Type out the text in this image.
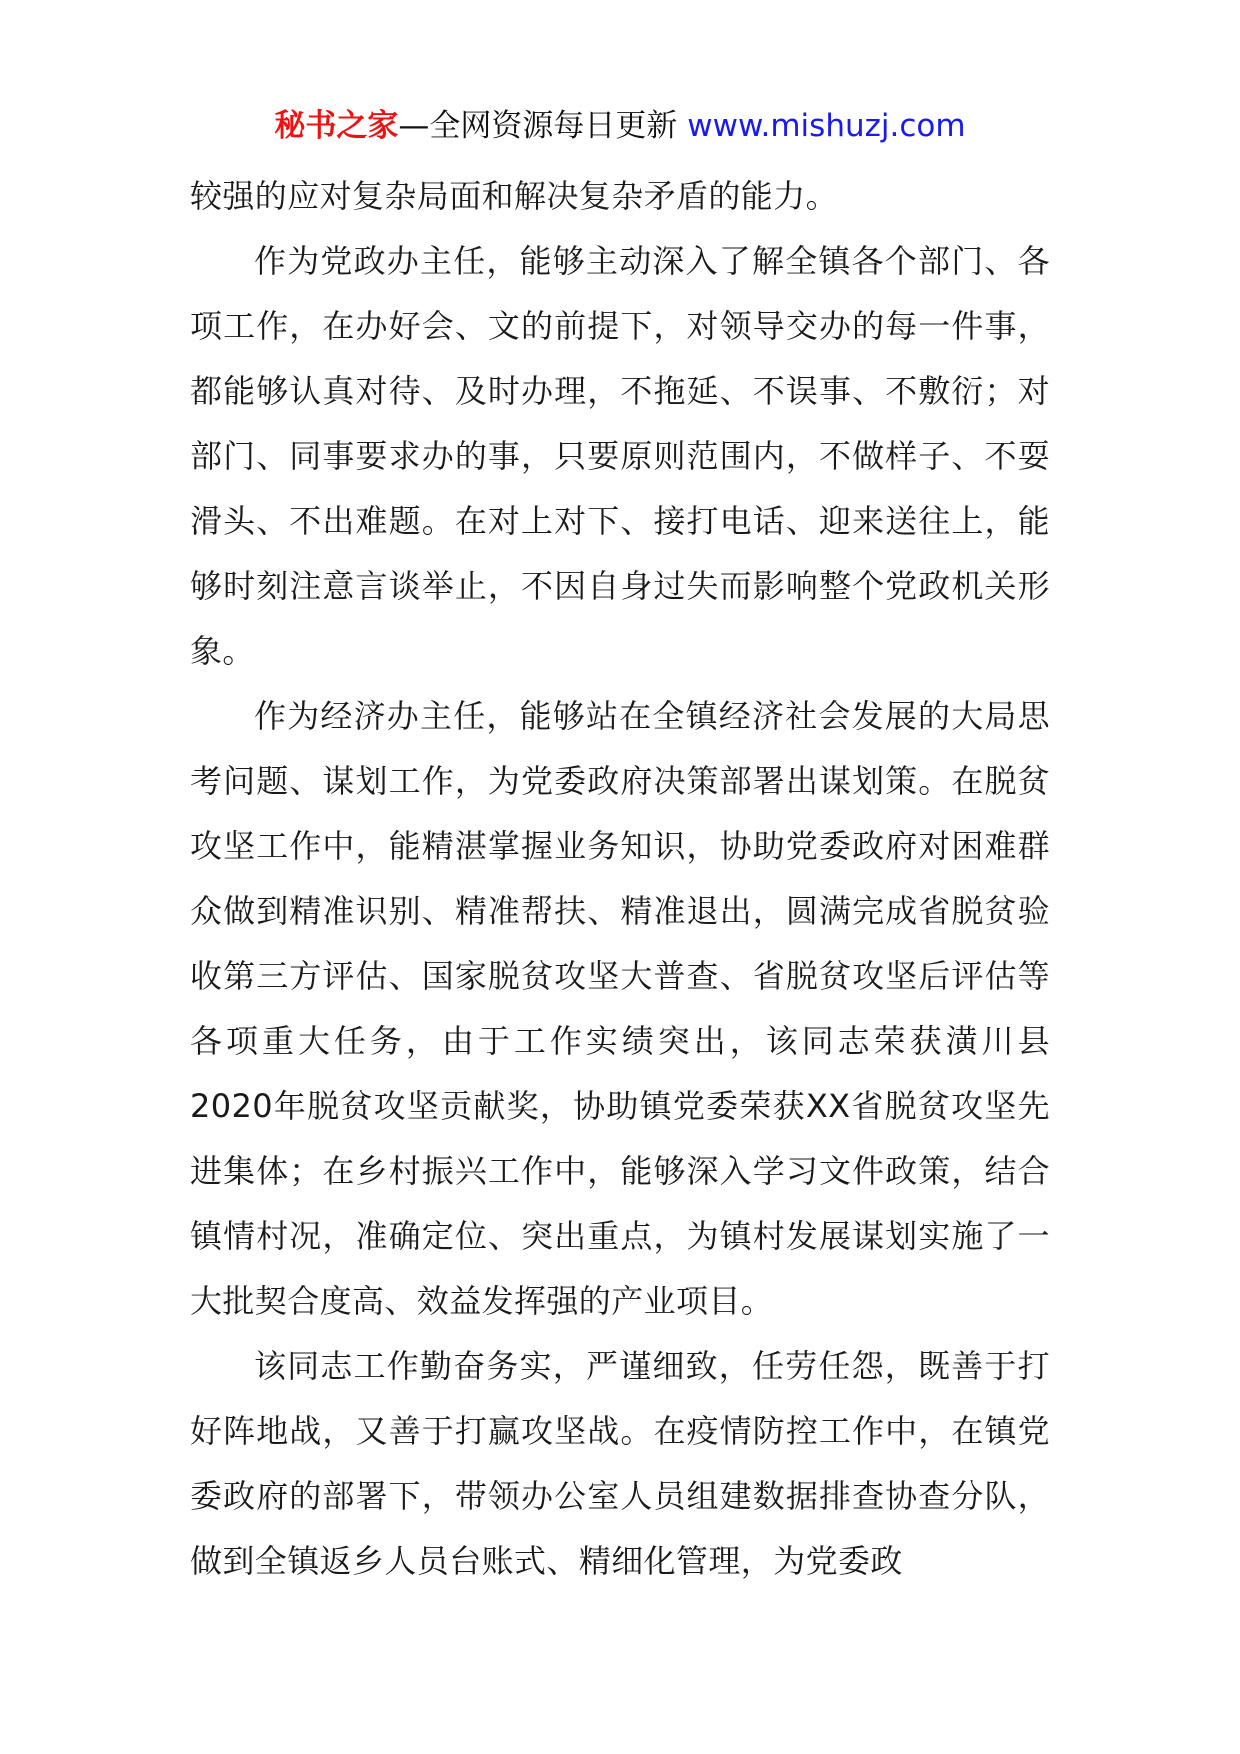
秘书之家—全网资源每日更新 www.mishuzj.com

较强的应对复杂局面和解决复杂矛盾的能力。

作为党政办主任，能够主动深入了解全镇各个部门、各项工作，在办好会、文的前提下，对领导交办的每一件事，都能够认真对待、及时办理，不拖延、不误事、不敷衍；对部门、同事要求办的事，只要原则范围内，不做样子、不耍滑头、不出难题。在对上对下、接打电话、迎来送往上，能够时刻注意言谈举止，不因自身过失而影响整个党政机关形象。

作为经济办主任，能够站在全镇经济社会发展的大局思考问题、谋划工作，为党委政府决策部署出谋划策。在脱贫攻坚工作中，能精湛掌握业务知识，协助党委政府对困难群众做到精准识别、精准帮扶、精准退出，圆满完成省脱贫验收第三方评估、国家脱贫攻坚大普查、省脱贫攻坚后评估等各项重大任务，由于工作实绩突出，该同志荣获潢川县2020年脱贫攻坚贡献奖，协助镇党委荣获XX省脱贫攻坚先进集体；在乡村振兴工作中，能够深入学习文件政策，结合镇情村况，准确定位、突出重点，为镇村发展谋划实施了一大批契合度高、效益发挥强的产业项目。

该同志工作勤奋务实，严谨细致，任劳任怨，既善于打好阵地战，又善于打赢攻坚战。在疫情防控工作中，在镇党委政府的部署下，带领办公室人员组建数据排查协查分队，做到全镇返乡人员台账式、精细化管理，为党委政
